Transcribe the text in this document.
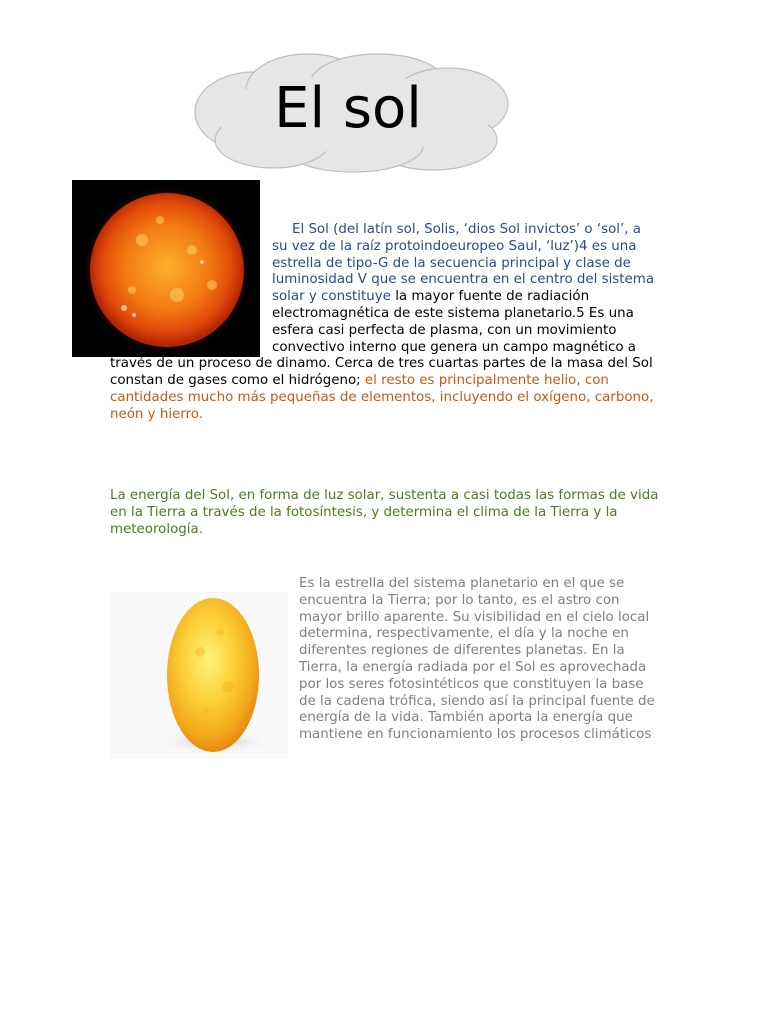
El sol

El Sol (del latín sol, Solis, ‘dios Sol invictos’ o ‘sol’, a su vez de la raíz protoindoeuropeo Saul, ‘luz’)4 es una estrella de tipo-G de la secuencia principal y clase de luminosidad V que se encuentra en el centro del sistema solar y constituye la mayor fuente de radiación electromagnética de este sistema planetario.5 Es una esfera casi perfecta de plasma, con un movimiento convectivo interno que genera un campo magnético a través de un proceso de dinamo. Cerca de tres cuartas partes de la masa del Sol constan de gases como el hidrógeno; el resto es principalmente helio, con cantidades mucho más pequeñas de elementos, incluyendo el oxígeno, carbono, neón y hierro.

La energía del Sol, en forma de luz solar, sustenta a casi todas las formas de vida en la Tierra a través de la fotosíntesis, y determina el clima de la Tierra y la meteorología.

Es la estrella del sistema planetario en el que se encuentra la Tierra; por lo tanto, es el astro con mayor brillo aparente. Su visibilidad en el cielo local determina, respectivamente, el día y la noche en diferentes regiones de diferentes planetas. En la Tierra, la energía radiada por el Sol es aprovechada por los seres fotosintéticos que constituyen la base de la cadena trófica, siendo así la principal fuente de energía de la vida. También aporta la energía que mantiene en funcionamiento los procesos climáticos
